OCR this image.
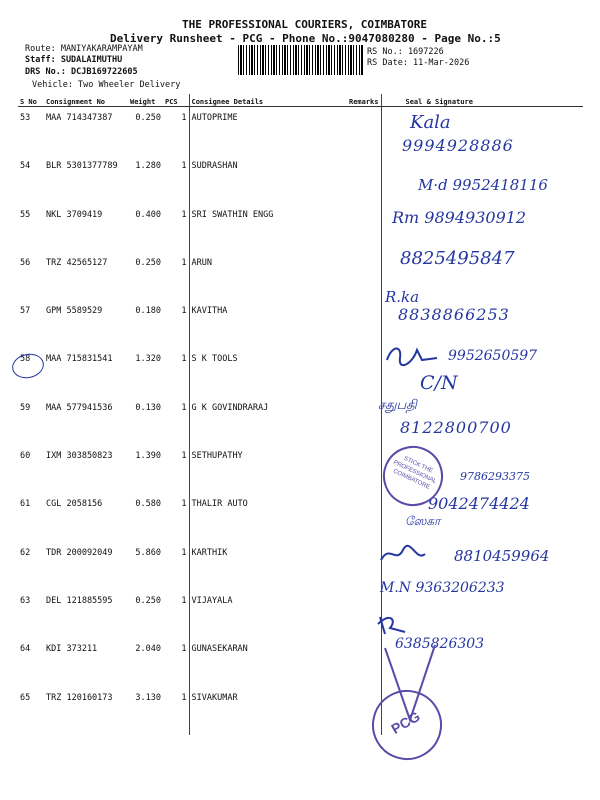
THE PROFESSIONAL COURIERS, COIMBATORE
Delivery Runsheet - PCG - Phone No.:9047080280 - Page No.:5
Route: MANIYAKARAMPAYAM
Staff: SUDALAIMUTHU
DRS No.: DCJB169722605
Vehicle: Two Wheeler Delivery
RS No.: 1697226
RS Date: 11-Mar-2026
S No	Consignment No	Weight	PCS	Consignee Details	Remarks	Seal & Signature
53	MAA 714347387	0.250	1	AUTOPRIME		
54	BLR 5301377789	1.280	1	SUDRASHAN		
55	NKL 3709419	0.400	1	SRI SWATHIN ENGG		
56	TRZ 42565127	0.250	1	ARUN		
57	GPM 5589529	0.180	1	KAVITHA		
58	MAA 715831541	1.320	1	S K TOOLS		
59	MAA 577941536	0.130	1	G K GOVINDRARAJ		
60	IXM 303850823	1.390	1	SETHUPATHY		
61	CGL 2058156	0.580	1	THALIR AUTO		
62	TDR 200092049	5.860	1	KARTHIK		
63	DEL 121885595	0.250	1	VIJAYALA		
64	KDI 373211	2.040	1	GUNASEKARAN		
65	TRZ 120160173	3.130	1	SIVAKUMAR		
Kala
9994928886
M·d 9952418116
Rm 9894930912
8825495847
R.ka
8838866253
9952650597
C/N
சதுபதி
8122800700
9786293375
9042474424
ஸேகா
8810459964
M.N 9363206233
6385826303
STICK THE PROFESSIONAL COIMBATORE
PCG
